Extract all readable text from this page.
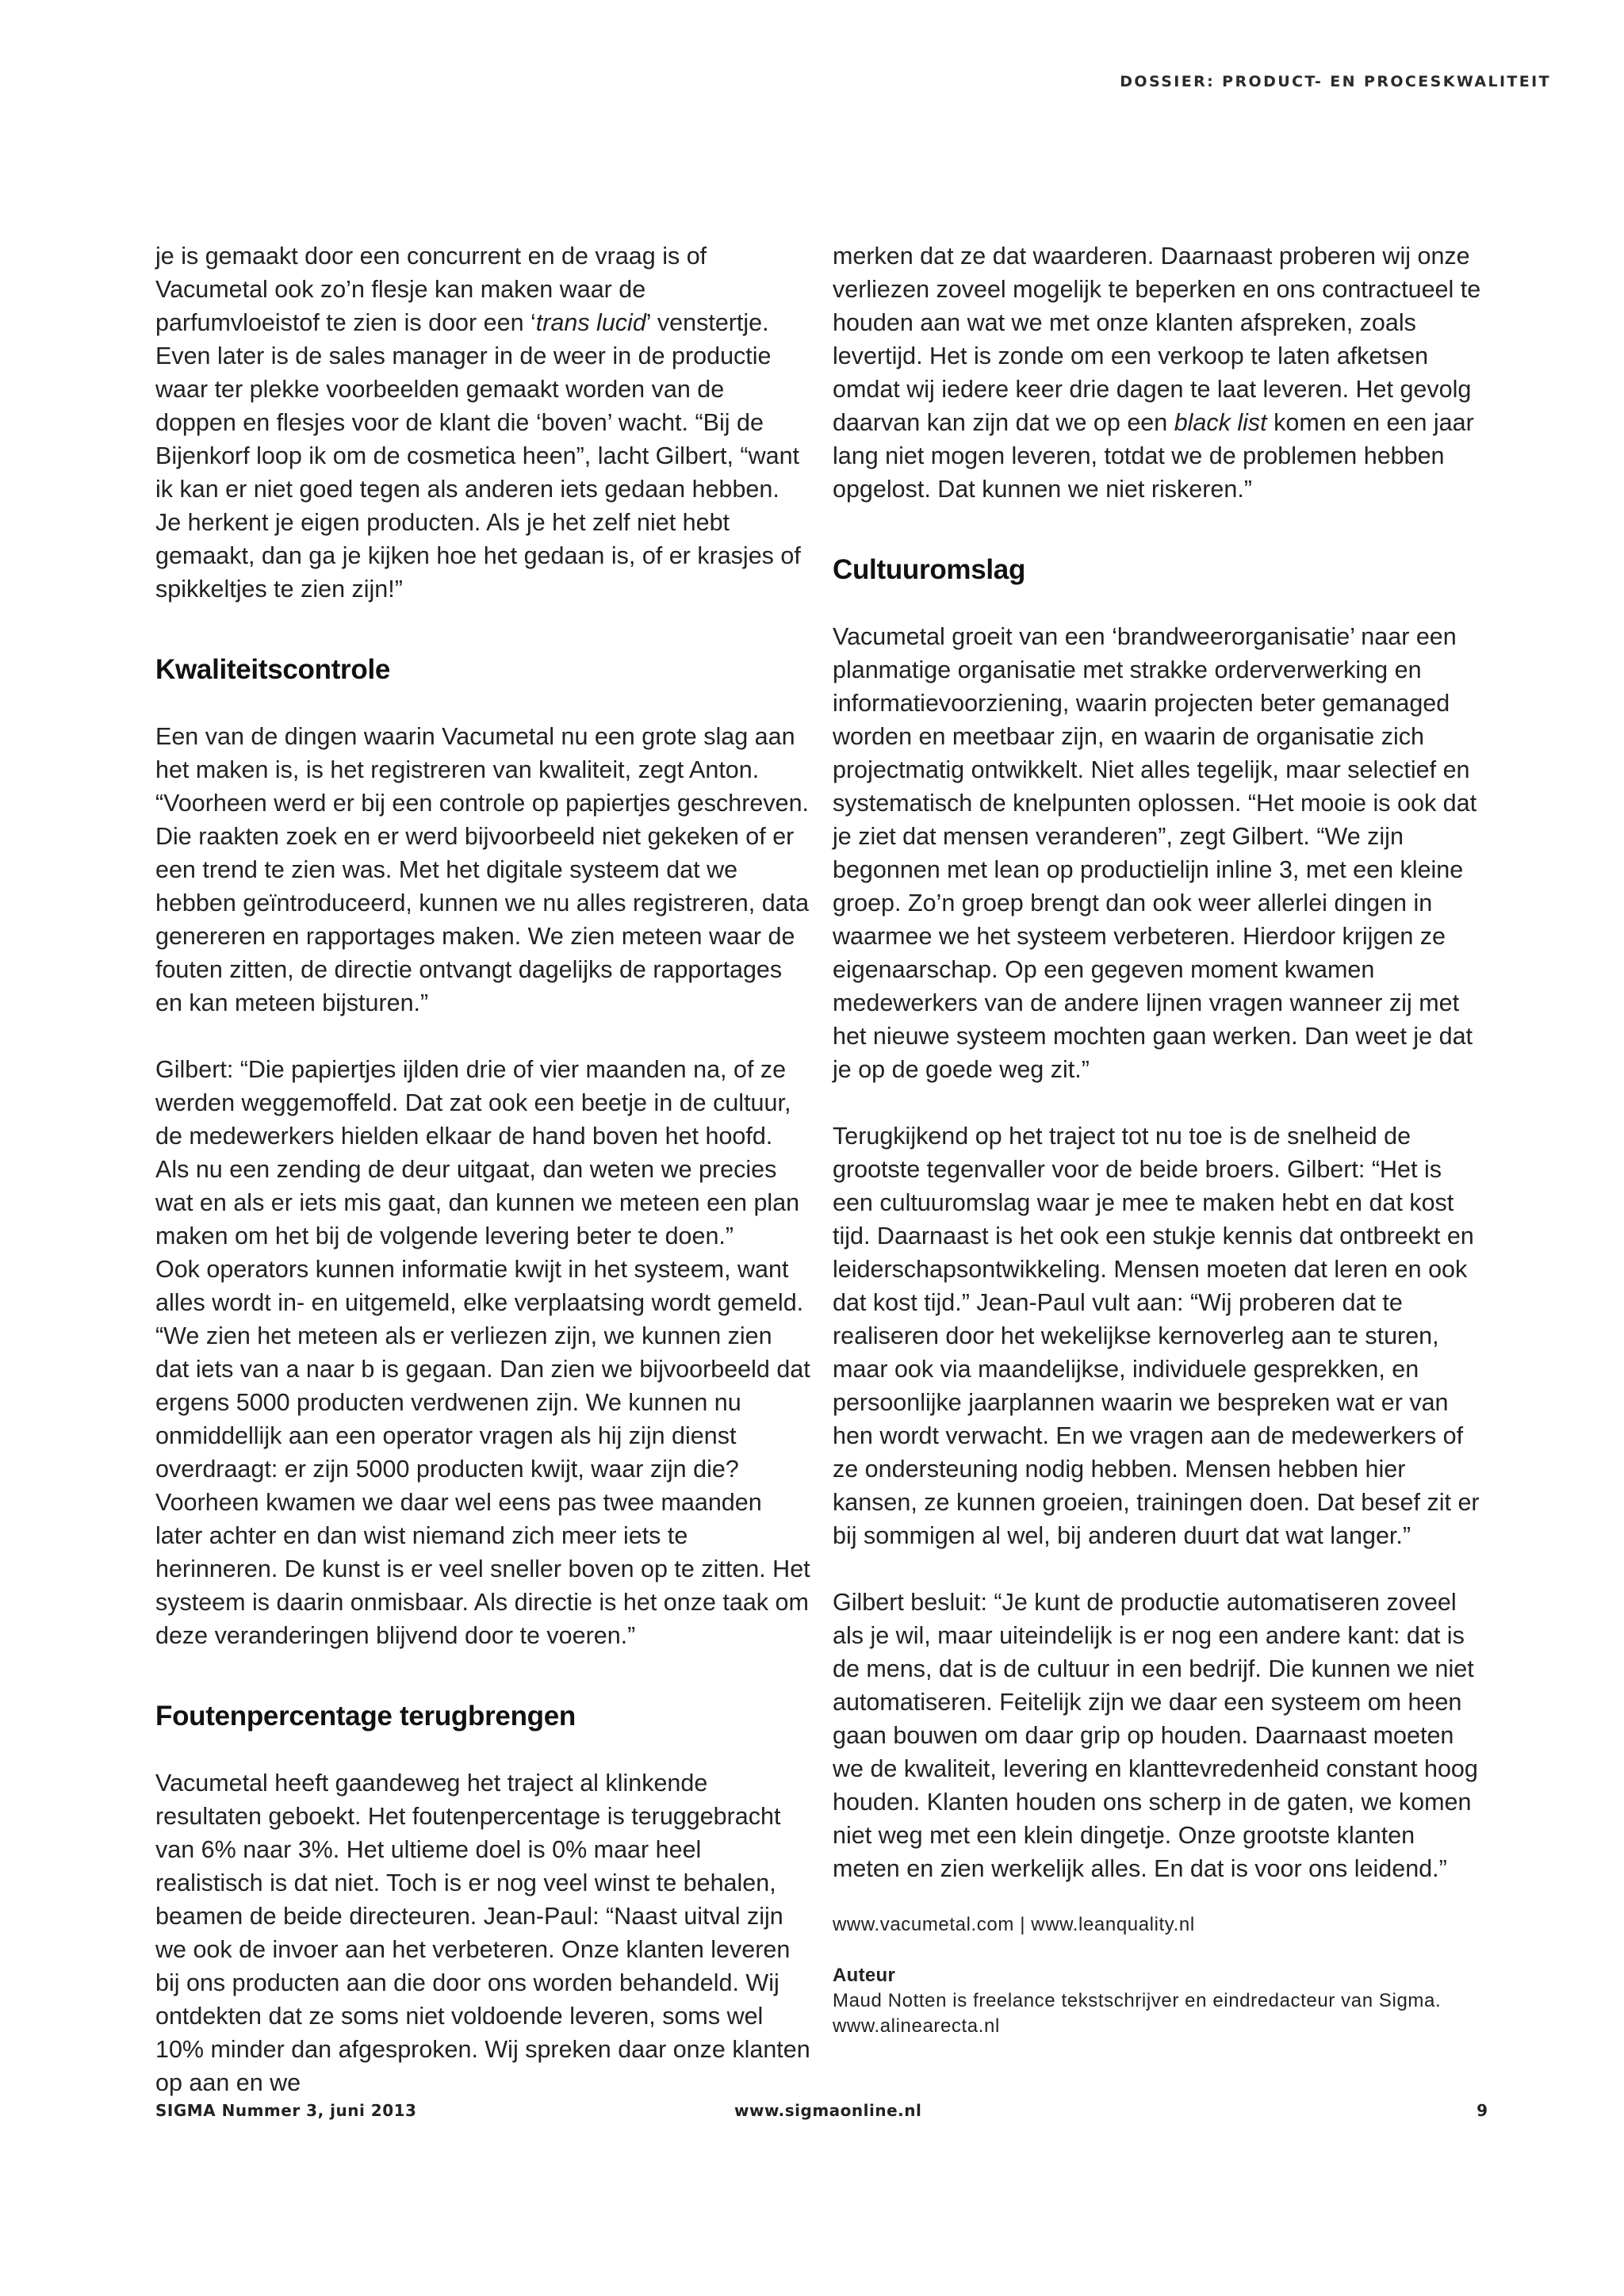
DOSSIER: PRODUCT- EN PROCESKWALITEIT

je is gemaakt door een concurrent en de vraag is of Vacumetal ook zo’n flesje kan maken waar de parfumvloeistof te zien is door een ‘trans lucid’ venstertje. Even later is de sales manager in de weer in de productie waar ter plekke voorbeelden gemaakt worden van de doppen en flesjes voor de klant die ‘boven’ wacht. “Bij de Bijenkorf loop ik om de cosmetica heen”, lacht Gilbert, “want ik kan er niet goed tegen als anderen iets gedaan hebben. Je herkent je eigen producten. Als je het zelf niet hebt gemaakt, dan ga je kijken hoe het gedaan is, of er krasjes of spikkeltjes te zien zijn!”

Kwaliteitscontrole

Een van de dingen waarin Vacumetal nu een grote slag aan het maken is, is het registreren van kwaliteit, zegt Anton. “Voorheen werd er bij een controle op papiertjes geschreven. Die raakten zoek en er werd bijvoorbeeld niet gekeken of er een trend te zien was. Met het digitale systeem dat we hebben geïntroduceerd, kunnen we nu alles registreren, data genereren en rapportages maken. We zien meteen waar de fouten zitten, de directie ontvangt dagelijks de rapportages en kan meteen bijsturen.”

Gilbert: “Die papiertjes ijlden drie of vier maanden na, of ze werden weggemoffeld. Dat zat ook een beetje in de cultuur, de medewerkers hielden elkaar de hand boven het hoofd. Als nu een zending de deur uitgaat, dan weten we precies wat en als er iets mis gaat, dan kunnen we meteen een plan maken om het bij de volgende levering beter te doen.”

Ook operators kunnen informatie kwijt in het systeem, want alles wordt in- en uitgemeld, elke verplaatsing wordt gemeld. “We zien het meteen als er verliezen zijn, we kunnen zien dat iets van a naar b is gegaan. Dan zien we bijvoorbeeld dat ergens 5000 producten verdwenen zijn. We kunnen nu onmiddellijk aan een operator vragen als hij zijn dienst overdraagt: er zijn 5000 producten kwijt, waar zijn die? Voorheen kwamen we daar wel eens pas twee maanden later achter en dan wist niemand zich meer iets te herinneren. De kunst is er veel sneller boven op te zitten. Het systeem is daarin onmisbaar. Als directie is het onze taak om deze veranderingen blijvend door te voeren.”

Foutenpercentage terugbrengen

Vacumetal heeft gaandeweg het traject al klinkende resultaten geboekt. Het foutenpercentage is teruggebracht van 6% naar 3%. Het ultieme doel is 0% maar heel realistisch is dat niet. Toch is er nog veel winst te behalen, beamen de beide directeuren. Jean-Paul: “Naast uitval zijn we ook de invoer aan het verbeteren. Onze klanten leveren bij ons producten aan die door ons worden behandeld. Wij ontdekten dat ze soms niet voldoende leveren, soms wel 10% minder dan afgesproken. Wij spreken daar onze klanten op aan en we

merken dat ze dat waarderen. Daarnaast proberen wij onze verliezen zoveel mogelijk te beperken en ons contractueel te houden aan wat we met onze klanten afspreken, zoals levertijd. Het is zonde om een verkoop te laten afketsen omdat wij iedere keer drie dagen te laat leveren. Het gevolg daarvan kan zijn dat we op een black list komen en een jaar lang niet mogen leveren, totdat we de problemen hebben opgelost. Dat kunnen we niet riskeren.”

Cultuuromslag

Vacumetal groeit van een ‘brandweerorganisatie’ naar een planmatige organisatie met strakke orderverwerking en informatievoorziening, waarin projecten beter gemanaged worden en meetbaar zijn, en waarin de organisatie zich projectmatig ontwikkelt. Niet alles tegelijk, maar selectief en systematisch de knelpunten oplossen. “Het mooie is ook dat je ziet dat mensen veranderen”, zegt Gilbert. “We zijn begonnen met lean op productielijn inline 3, met een kleine groep. Zo’n groep brengt dan ook weer allerlei dingen in waarmee we het systeem verbeteren. Hierdoor krijgen ze eigenaarschap. Op een gegeven moment kwamen medewerkers van de andere lijnen vragen wanneer zij met het nieuwe systeem mochten gaan werken. Dan weet je dat je op de goede weg zit.”

Terugkijkend op het traject tot nu toe is de snelheid de grootste tegenvaller voor de beide broers. Gilbert: “Het is een cultuuromslag waar je mee te maken hebt en dat kost tijd. Daarnaast is het ook een stukje kennis dat ontbreekt en leiderschapsontwikkeling. Mensen moeten dat leren en ook dat kost tijd.” Jean-Paul vult aan: “Wij proberen dat te realiseren door het wekelijkse kernoverleg aan te sturen, maar ook via maandelijkse, individuele gesprekken, en persoonlijke jaarplannen waarin we bespreken wat er van hen wordt verwacht. En we vragen aan de medewerkers of ze ondersteuning nodig hebben. Mensen hebben hier kansen, ze kunnen groeien, trainingen doen. Dat besef zit er bij sommigen al wel, bij anderen duurt dat wat langer.”

Gilbert besluit: “Je kunt de productie automatiseren zoveel als je wil, maar uiteindelijk is er nog een andere kant: dat is de mens, dat is de cultuur in een bedrijf. Die kunnen we niet automatiseren. Feitelijk zijn we daar een systeem om heen gaan bouwen om daar grip op houden. Daarnaast moeten we de kwaliteit, levering en klanttevredenheid constant hoog houden. Klanten houden ons scherp in de gaten, we komen niet weg met een klein dingetje. Onze grootste klanten meten en zien werkelijk alles. En dat is voor ons leidend.”

www.vacumetal.com | www.leanquality.nl

Auteur

Maud Notten is freelance tekstschrijver en eindredacteur van Sigma. www.alinearecta.nl

SIGMA Nummer 3, juni 2013	www.sigmaonline.nl	9
